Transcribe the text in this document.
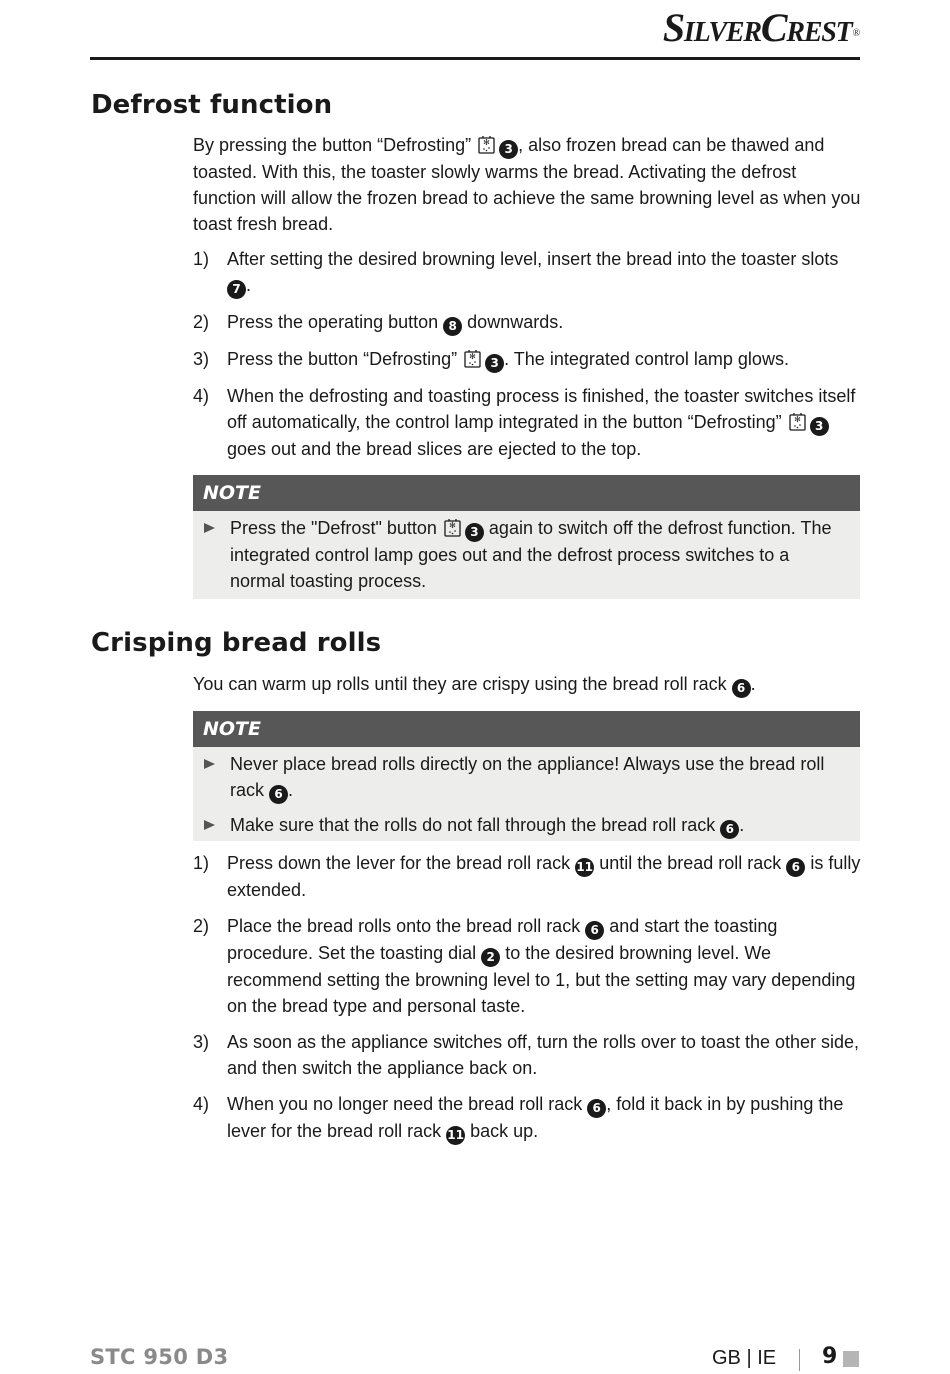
SilverCrest®
Defrost function
By pressing the button “Defrosting” ✻ 3 , also frozen bread can be thawed and toasted. With this, the toaster slowly warms the bread. Activating the defrost function will allow the frozen bread to achieve the same browning level as when you toast fresh bread.
1) After setting the desired browning level, insert the bread into the toaster slots 7 .
2) Press the operating button 8 downwards.
3) Press the button “Defrosting” ✻ 3 . The integrated control lamp glows.
4) When the defrosting and toasting process is finished, the toaster switches itself off automatically, the control lamp integrated in the button “Defrosting” ✻ 3 goes out and the bread slices are ejected to the top.
NOTE
Press the "Defrost" button ✻ 3 again to switch off the defrost function. The integrated control lamp goes out and the defrost process switches to a normal toasting process.
Crisping bread rolls
You can warm up rolls until they are crispy using the bread roll rack 6 .
NOTE
Never place bread rolls directly on the appliance! Always use the bread roll rack 6 .
Make sure that the rolls do not fall through the bread roll rack 6 .
1) Press down the lever for the bread roll rack 11 until the bread roll rack 6 is fully extended.
2) Place the bread rolls onto the bread roll rack 6 and start the toasting procedure. Set the toasting dial 2 to the desired browning level. We recommend setting the browning level to 1, but the setting may vary depending on the bread type and personal taste.
3) As soon as the appliance switches off, turn the rolls over to toast the other side, and then switch the appliance back on.
4) When you no longer need the bread roll rack 6 , fold it back in by pushing the lever for the bread roll rack 11 back up.
STC 950 D3	GB | IE 9
